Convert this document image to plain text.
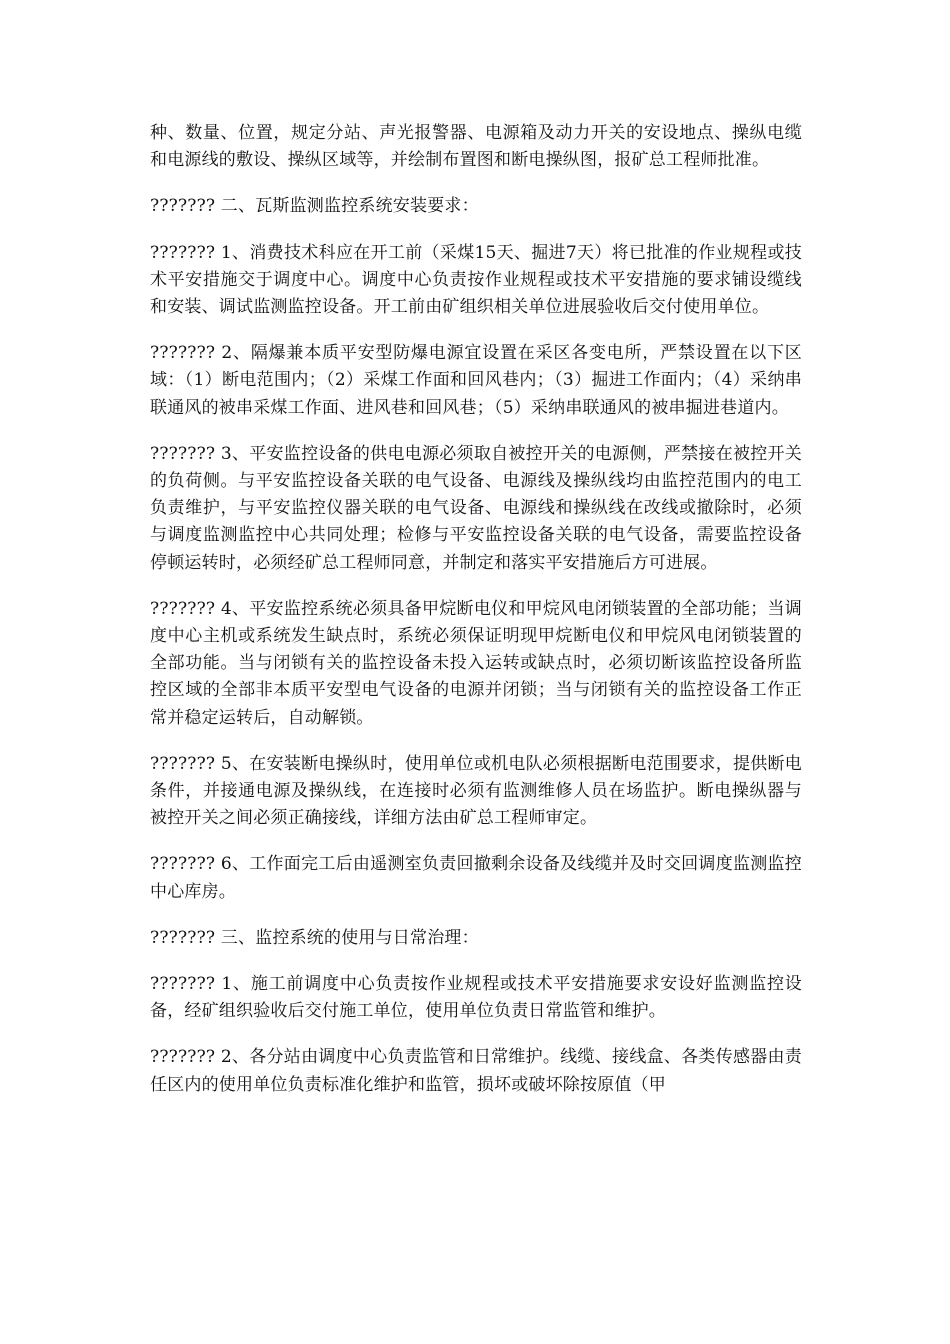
种、数量、位置，规定分站、声光报警器、电源箱及动力开关的安设地点、操纵电缆和电源线的敷设、操纵区域等，并绘制布置图和断电操纵图，报矿总工程师批准。

??????? 二、瓦斯监测监控系统安装要求：

??????? 1、消费技术科应在开工前（采煤15天、掘进7天）将已批准的作业规程或技术平安措施交于调度中心。调度中心负责按作业规程或技术平安措施的要求铺设缆线和安装、调试监测监控设备。开工前由矿组织相关单位进展验收后交付使用单位。

??????? 2、隔爆兼本质平安型防爆电源宜设置在采区各变电所，严禁设置在以下区域：（1）断电范围内；（2）采煤工作面和回风巷内；（3）掘进工作面内；（4）采纳串联通风的被串采煤工作面、进风巷和回风巷；（5）采纳串联通风的被串掘进巷道内。

??????? 3、平安监控设备的供电电源必须取自被控开关的电源侧，严禁接在被控开关的负荷侧。与平安监控设备关联的电气设备、电源线及操纵线均由监控范围内的电工负责维护，与平安监控仪器关联的电气设备、电源线和操纵线在改线或撤除时，必须与调度监测监控中心共同处理；检修与平安监控设备关联的电气设备，需要监控设备停顿运转时，必须经矿总工程师同意，并制定和落实平安措施后方可进展。

??????? 4、平安监控系统必须具备甲烷断电仪和甲烷风电闭锁装置的全部功能；当调度中心主机或系统发生缺点时，系统必须保证明现甲烷断电仪和甲烷风电闭锁装置的全部功能。当与闭锁有关的监控设备未投入运转或缺点时，必须切断该监控设备所监控区域的全部非本质平安型电气设备的电源并闭锁；当与闭锁有关的监控设备工作正常并稳定运转后，自动解锁。

??????? 5、在安装断电操纵时，使用单位或机电队必须根据断电范围要求，提供断电条件，并接通电源及操纵线，在连接时必须有监测维修人员在场监护。断电操纵器与被控开关之间必须正确接线，详细方法由矿总工程师审定。

??????? 6、工作面完工后由遥测室负责回撤剩余设备及线缆并及时交回调度监测监控中心库房。

??????? 三、监控系统的使用与日常治理：

??????? 1、施工前调度中心负责按作业规程或技术平安措施要求安设好监测监控设备，经矿组织验收后交付施工单位，使用单位负责日常监管和维护。

??????? 2、各分站由调度中心负责监管和日常维护。线缆、接线盒、各类传感器由责任区内的使用单位负责标准化维护和监管，损坏或破坏除按原值（甲
